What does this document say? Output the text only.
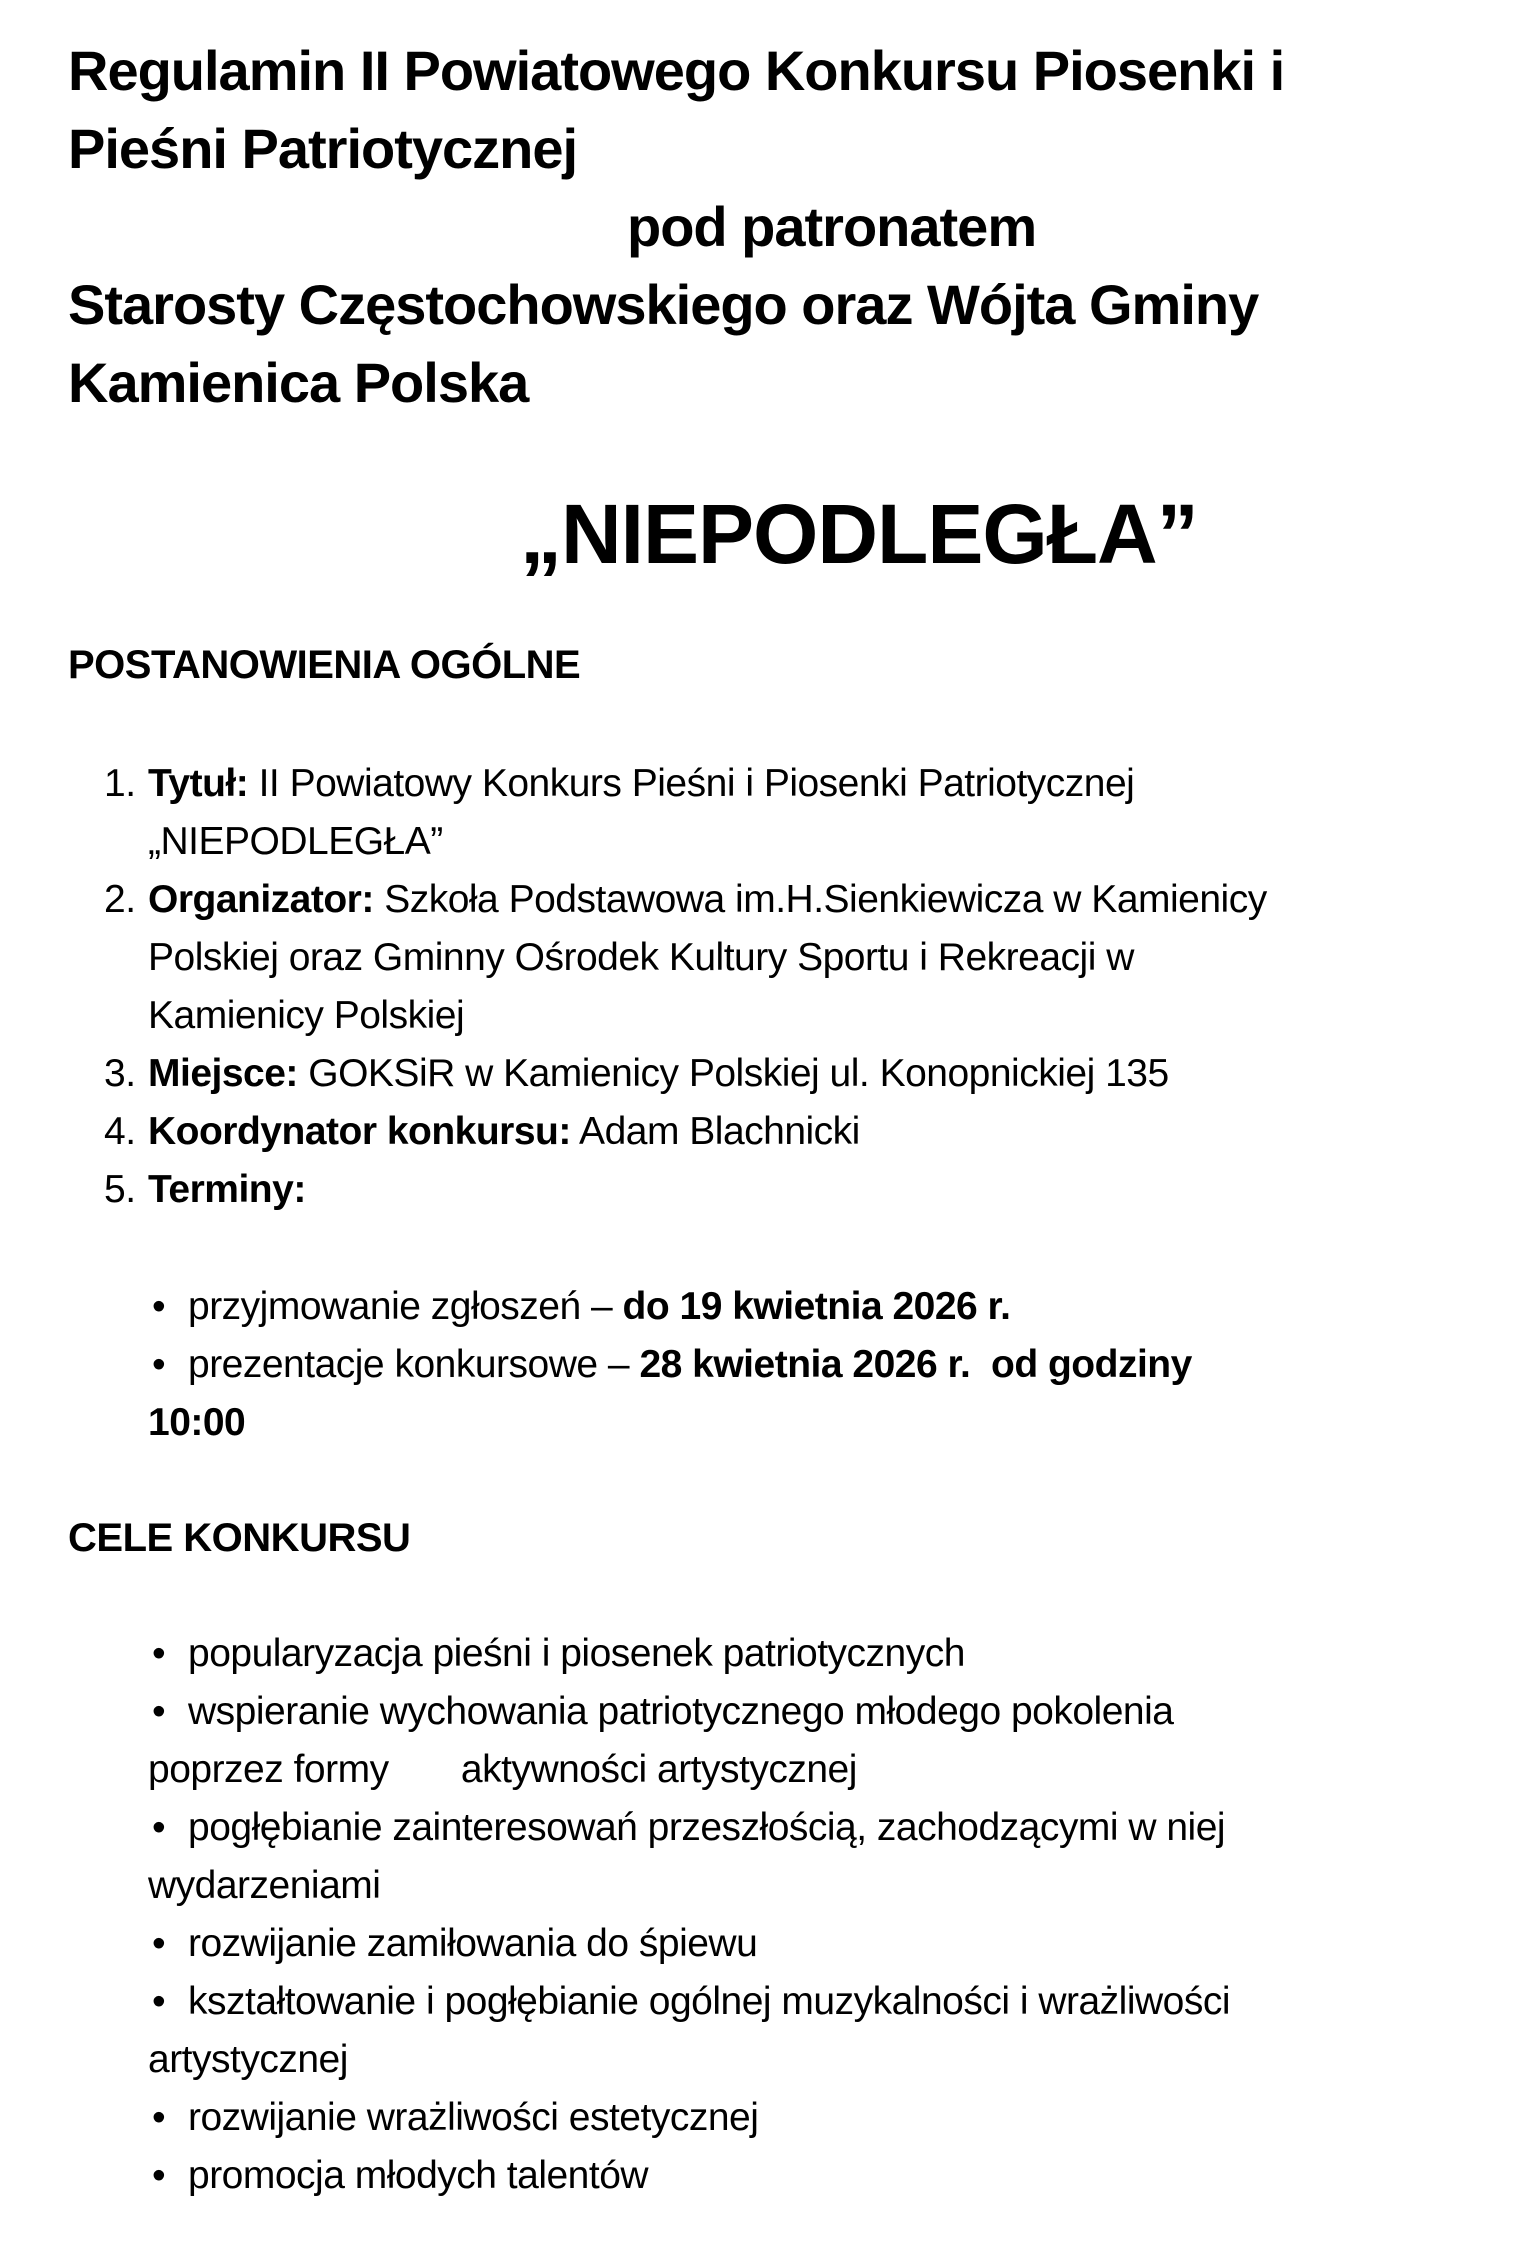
Regulamin II Powiatowego Konkursu Piosenki i
Pieśni Patriotycznej
pod patronatem
Starosty Częstochowskiego oraz Wójta Gminy
Kamienica Polska
„NIEPODLEGŁA”
POSTANOWIENIA OGÓLNE
1. Tytuł: II Powiatowy Konkurs Pieśni i Piosenki Patriotycznej
„NIEPODLEGŁA”
2. Organizator: Szkoła Podstawowa im.H.Sienkiewicza w Kamienicy
Polskiej oraz Gminny Ośrodek Kultury Sportu i Rekreacji w
Kamienicy Polskiej
3. Miejsce: GOKSiR w Kamienicy Polskiej ul. Konopnickiej 135
4. Koordynator konkursu: Adam Blachnicki
5. Terminy:
• przyjmowanie zgłoszeń – do 19 kwietnia 2026 r.
• prezentacje konkursowe – 28 kwietnia 2026 r.  od godziny
10:00
CELE KONKURSU
• popularyzacja pieśni i piosenek patriotycznych
• wspieranie wychowania patriotycznego młodego pokolenia
poprzez formy       aktywności artystycznej
• pogłębianie zainteresowań przeszłością, zachodzącymi w niej
wydarzeniami
• rozwijanie zamiłowania do śpiewu
• kształtowanie i pogłębianie ogólnej muzykalności i wrażliwości
artystycznej
• rozwijanie wrażliwości estetycznej
• promocja młodych talentów
